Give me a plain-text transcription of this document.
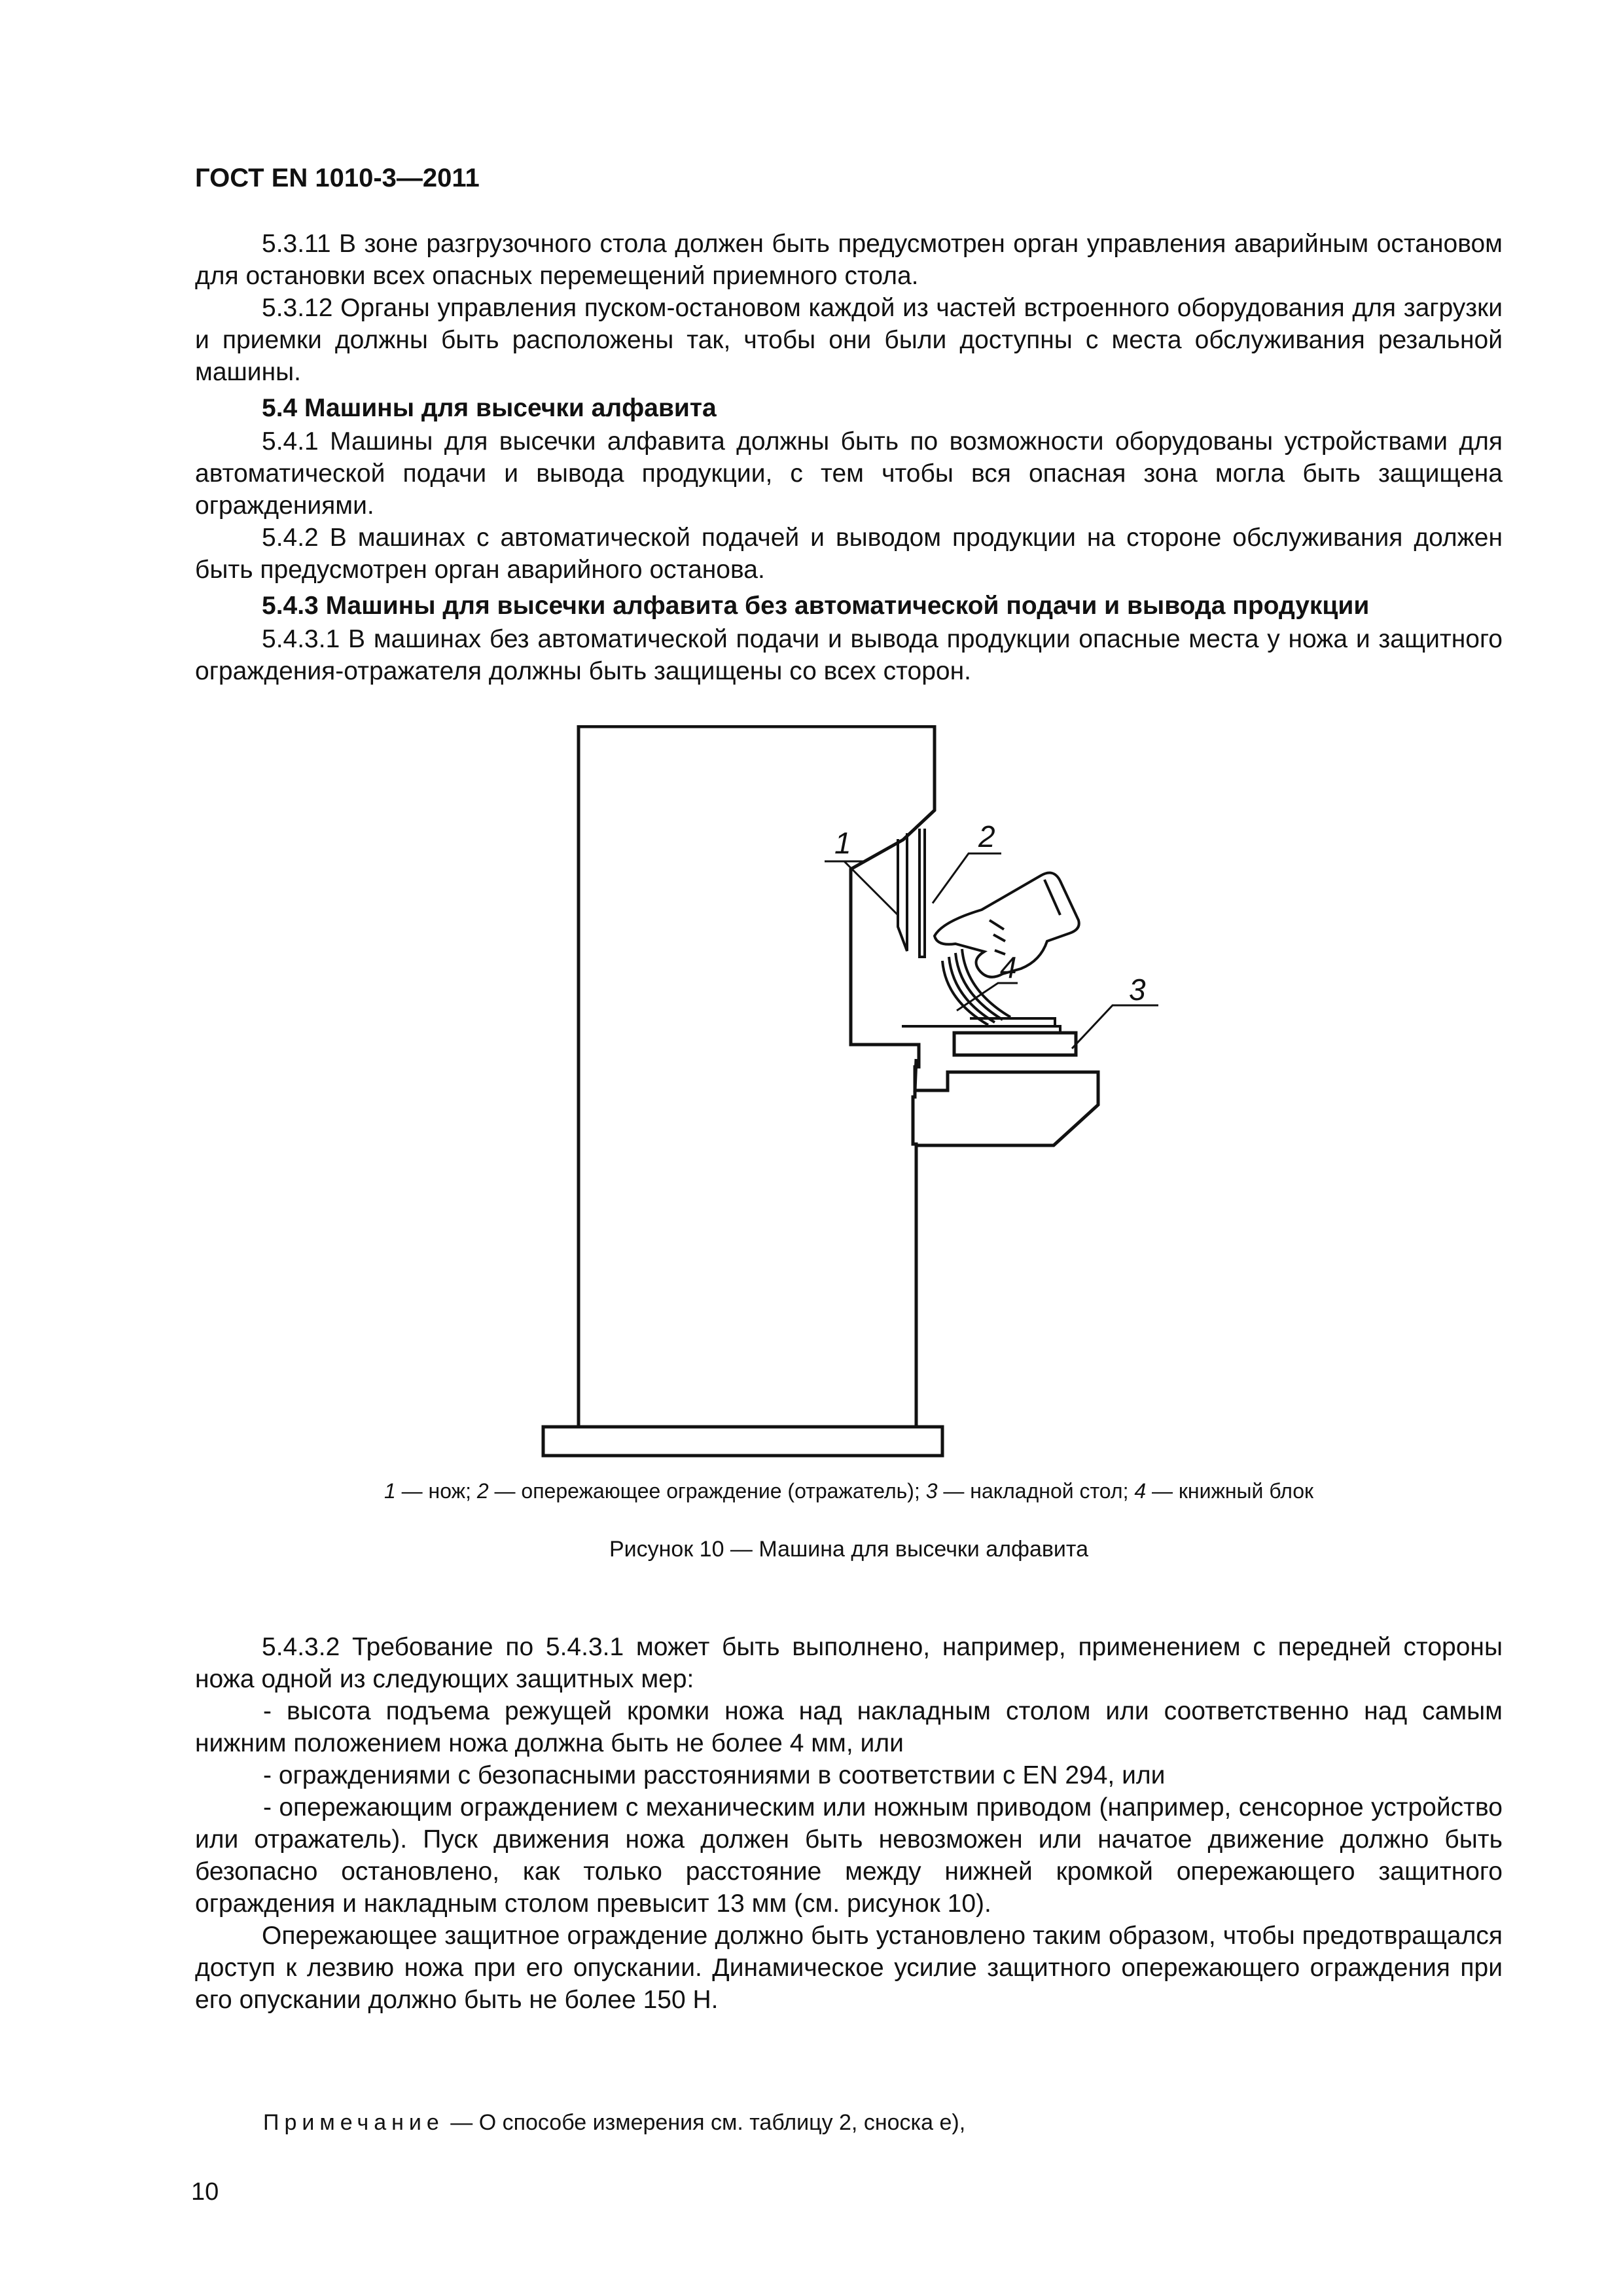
ГОСТ EN 1010-3—2011

5.3.11 В зоне разгрузочного стола должен быть предусмотрен орган управления аварийным остановом для остановки всех опасных перемещений приемного стола.

5.3.12 Органы управления пуском-остановом каждой из частей встроенного оборудования для загрузки и приемки должны быть расположены так, чтобы они были доступны с места обслуживания резальной машины.

5.4 Машины для высечки алфавита

5.4.1 Машины для высечки алфавита должны быть по возможности оборудованы устройствами для автоматической подачи и вывода продукции, с тем чтобы вся опасная зона могла быть защищена ограждениями.

5.4.2 В машинах с автоматической подачей и выводом продукции на стороне обслуживания должен быть предусмотрен орган аварийного останова.

5.4.3 Машины для высечки алфавита без автоматической подачи и вывода продукции

5.4.3.1 В машинах без автоматической подачи и вывода продукции опасные места у ножа и защитного ограждения-отражателя должны быть защищены со всех сторон.

1	2
4
3
1 — нож; 2 — опережающее ограждение (отражатель); 3 — накладной стол; 4 — книжный блок
Рисунок 10 — Машина для высечки алфавита

5.4.3.2 Требование по 5.4.3.1 может быть выполнено, например, применением с передней стороны ножа одной из следующих защитных мер:

- высота подъема режущей кромки ножа над накладным столом или соответственно над самым нижним положением ножа должна быть не более 4 мм, или

- ограждениями с безопасными расстояниями в соответствии с EN 294, или

- опережающим ограждением с механическим или ножным приводом (например, сенсорное устройство или отражатель). Пуск движения ножа должен быть невозможен или начатое движение должно быть безопасно остановлено, как только расстояние между нижней кромкой опережающего защитного ограждения и накладным столом превысит 13 мм (см. рисунок 10).

Опережающее защитное ограждение должно быть установлено таким образом, чтобы предотвращался доступ к лезвию ножа при его опускании. Динамическое усилие защитного опережающего ограждения при его опускании должно быть не более 150 Н.

Примечание — О способе измерения см. таблицу 2, сноска е),
10
